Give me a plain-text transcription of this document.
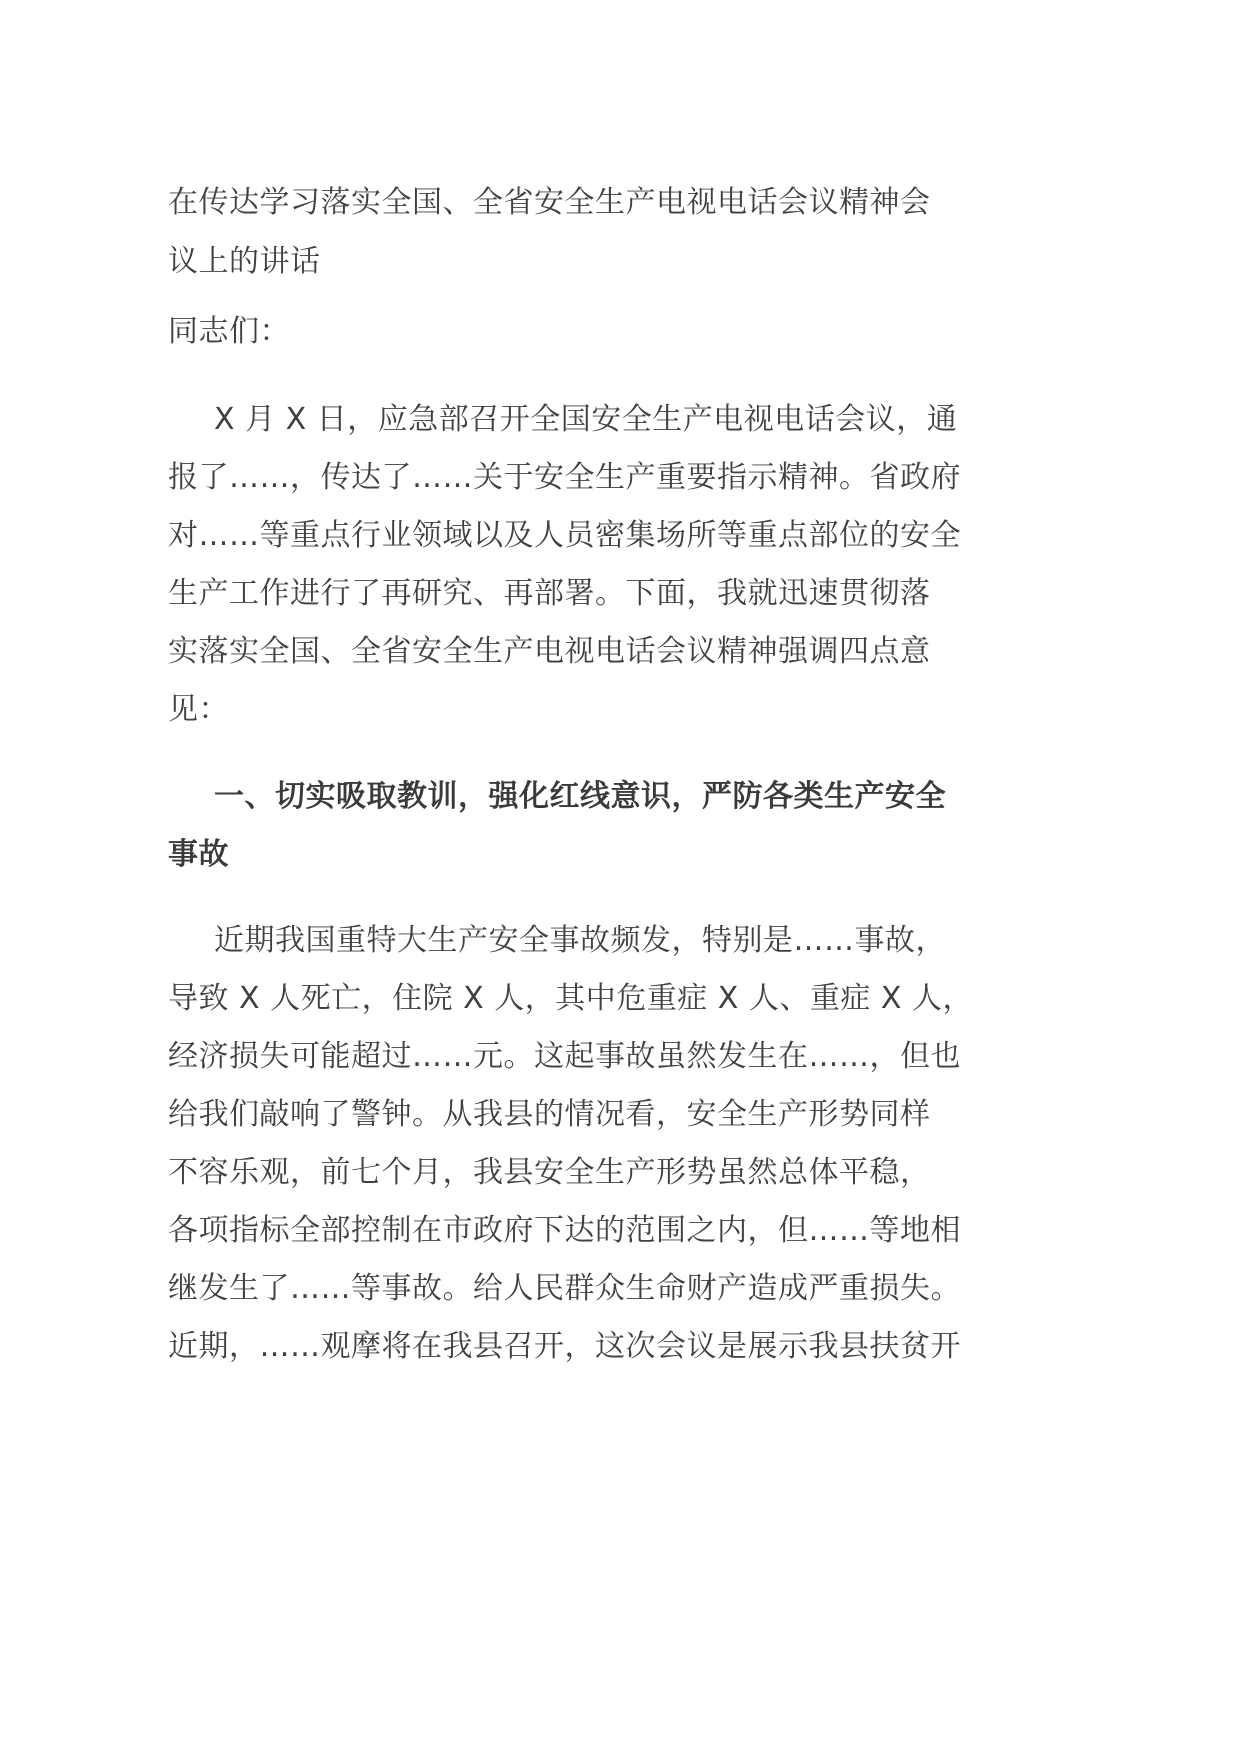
在传达学习落实全国、全省安全生产电视电话会议精神会
议上的讲话
同志们：
X 月 X 日，应急部召开全国安全生产电视电话会议，通
报了……，传达了……关于安全生产重要指示精神。省政府
对……等重点行业领域以及人员密集场所等重点部位的安全
生产工作进行了再研究、再部署。下面，我就迅速贯彻落
实落实全国、全省安全生产电视电话会议精神强调四点意
见：
一、切实吸取教训，强化红线意识，严防各类生产安全
事故
近期我国重特大生产安全事故频发，特别是……事故，
导致 X 人死亡，住院 X 人，其中危重症 X 人、重症 X 人，
经济损失可能超过……元。这起事故虽然发生在……，但也
给我们敲响了警钟。从我县的情况看，安全生产形势同样
不容乐观，前七个月，我县安全生产形势虽然总体平稳，
各项指标全部控制在市政府下达的范围之内，但……等地相
继发生了……等事故。给人民群众生命财产造成严重损失。
近期，……观摩将在我县召开，这次会议是展示我县扶贫开
